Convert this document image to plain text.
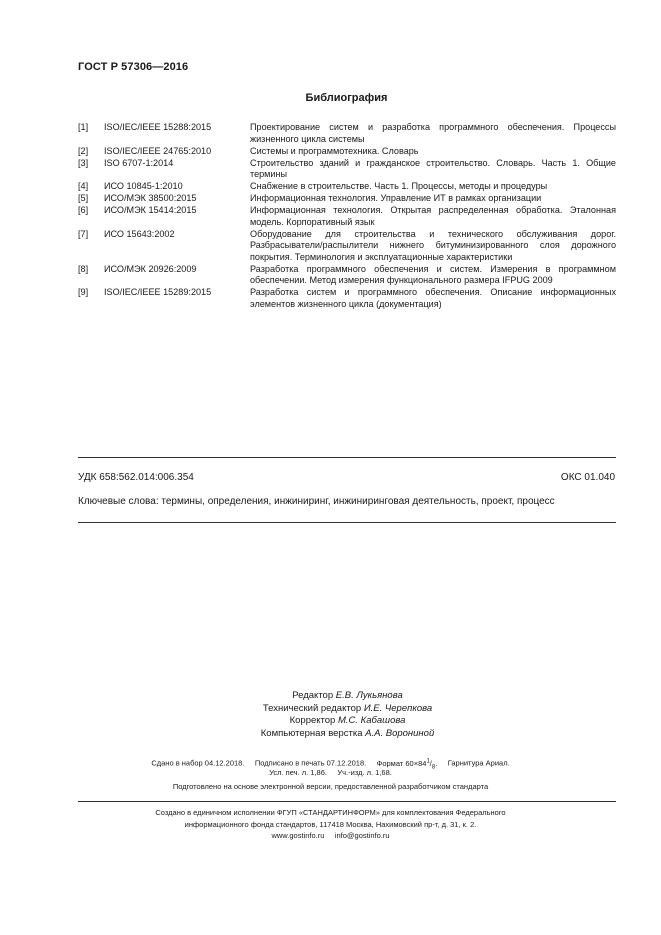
ГОСТ Р 57306—2016
Библиография
[1]	ISO/IEC/IEEE 15288:2015	Проектирование систем и разработка программного обеспечения. Процессы жизненного цикла системы
[2]	ISO/IEC/IEEE 24765:2010	Системы и программотехника. Словарь
[3]	ISO 6707-1:2014	Строительство зданий и гражданское строительство. Словарь. Часть 1. Общие термины
[4]	ИСО 10845-1:2010	Снабжение в строительстве. Часть 1. Процессы, методы и процедуры
[5]	ИСО/МЭК 38500:2015	Информационная технология. Управление ИТ в рамках организации
[6]	ИСО/МЭК 15414:2015	Информационная технология. Открытая распределенная обработка. Эталонная модель. Корпоративный язык
[7]	ИСО 15643:2002	Оборудование для строительства и технического обслуживания дорог. Разбрасыватели/распылители нижнего битуминизированного слоя дорожного покрытия. Терминология и эксплуатационные характеристики
[8]	ИСО/МЭК 20926:2009	Разработка программного обеспечения и систем. Измерения в программном обеспечении. Метод измерения функционального размера IFPUG 2009
[9]	ISO/IEC/IEEE 15289:2015	Разработка систем и программного обеспечения. Описание информационных элементов жизненного цикла (документация)
УДК 658:562.014:006.354	ОКС 01.040
Ключевые слова: термины, определения, инжиниринг, инжиниринговая деятельность, проект, процесс
Редактор Е.В. Лукьянова
Технический редактор И.Е. Черепкова
Корректор М.С. Кабашова
Компьютерная верстка А.А. Ворониной
Сдано в набор 04.12.2018. Подписано в печать 07.12.2018. Формат $60\times 84^1/_8$. Гарнитура Ариал.
Усл. печ. л. 1,86. Уч.-изд. л. 1,68.
Подготовлено на основе электронной версии, предоставленной разработчиком стандарта
Создано в единичном исполнении ФГУП «СТАНДАРТИНФОРМ» для комплектования Федерального
информационного фонда стандартов, 117418 Москва, Нахимовский пр-т, д. 31, к. 2.
www.gostinfo.ru info@gostinfo.ru
